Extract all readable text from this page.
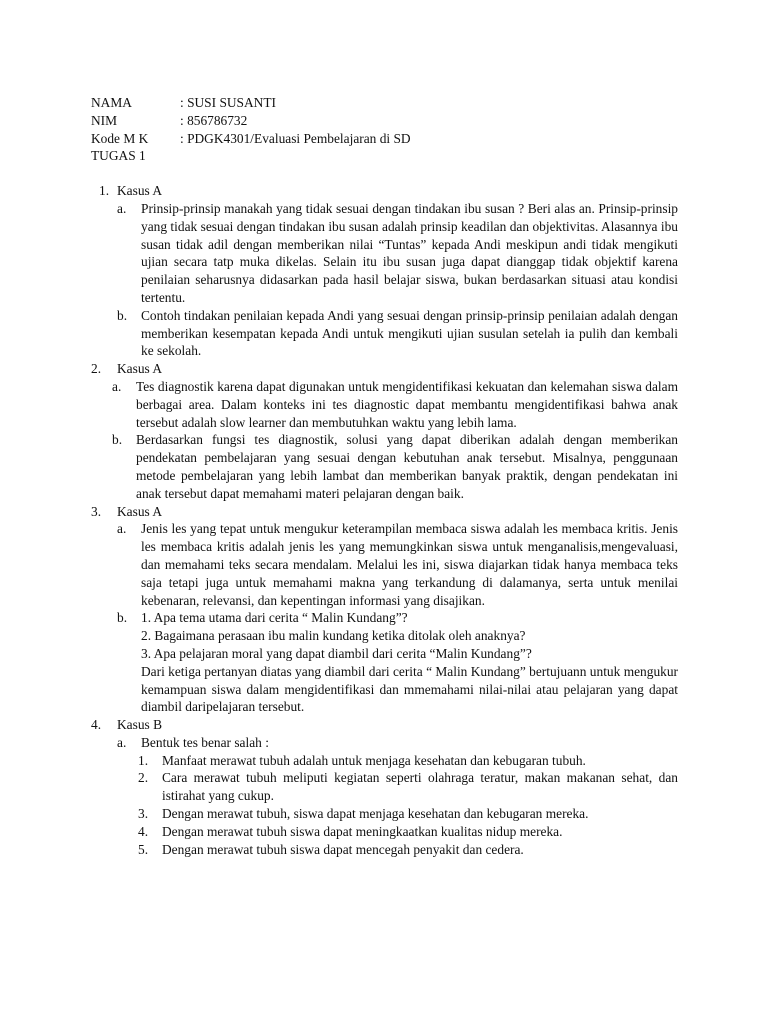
NAMA	: SUSI SUSANTI
NIM	: 856786732
Kode M K	: PDGK4301/Evaluasi Pembelajaran di SD
TUGAS 1
1. Kasus A
a.	Prinsip-prinsip manakah yang tidak sesuai dengan tindakan ibu susan ? Beri alas an. Prinsip-prinsip yang tidak sesuai dengan tindakan ibu susan adalah prinsip keadilan dan objektivitas. Alasannya ibu susan tidak adil dengan memberikan nilai “Tuntas” kepada Andi meskipun andi tidak mengikuti ujian secara tatp muka dikelas. Selain itu ibu susan juga dapat dianggap tidak objektif karena penilaian seharusnya didasarkan pada hasil belajar siswa, bukan berdasarkan situasi atau kondisi tertentu.
b.	Contoh tindakan penilaian kepada Andi yang sesuai dengan prinsip-prinsip penilaian adalah dengan memberikan kesempatan kepada Andi untuk mengikuti ujian susulan setelah ia pulih dan kembali ke sekolah.
2.	Kasus A
a.	Tes diagnostik karena dapat digunakan untuk mengidentifikasi kekuatan dan kelemahan siswa dalam berbagai area. Dalam konteks ini tes diagnostic dapat membantu mengidentifikasi bahwa anak tersebut adalah slow learner dan membutuhkan waktu yang lebih lama.
b.	Berdasarkan fungsi tes diagnostik, solusi yang dapat diberikan adalah dengan memberikan pendekatan pembelajaran yang sesuai dengan kebutuhan anak tersebut. Misalnya, penggunaan metode pembelajaran yang lebih lambat dan memberikan banyak praktik, dengan pendekatan ini anak tersebut dapat memahami materi pelajaran dengan baik.
3.	Kasus A
a.	Jenis les yang tepat untuk mengukur keterampilan membaca siswa adalah les membaca kritis. Jenis les membaca kritis adalah jenis les yang memungkinkan siswa untuk menganalisis,mengevaluasi, dan memahami teks secara mendalam. Melalui les ini, siswa diajarkan tidak hanya membaca teks saja tetapi juga untuk memahami makna yang terkandung di dalamanya, serta untuk menilai kebenaran, relevansi, dan kepentingan informasi yang disajikan.
b.	1. Apa tema utama dari cerita “ Malin Kundang”?
2. Bagaimana perasaan ibu malin kundang ketika ditolak oleh anaknya?
3. Apa pelajaran moral yang dapat diambil dari cerita “Malin Kundang”?
Dari ketiga pertanyan diatas yang diambil dari cerita “ Malin Kundang” bertujuann untuk mengukur kemampuan siswa dalam mengidentifikasi dan mmemahami nilai-nilai atau pelajaran yang dapat diambil daripelajaran tersebut.
4.	Kasus B
a.	Bentuk tes benar salah :
1.	Manfaat merawat tubuh adalah untuk menjaga kesehatan dan kebugaran tubuh.
2.	Cara merawat tubuh meliputi kegiatan seperti olahraga teratur, makan makanan sehat, dan istirahat yang cukup.
3.	Dengan merawat tubuh, siswa dapat menjaga kesehatan dan kebugaran mereka.
4.	Dengan merawat tubuh siswa dapat meningkaatkan kualitas nidup mereka.
5.	Dengan merawat tubuh siswa dapat mencegah penyakit dan cedera.
